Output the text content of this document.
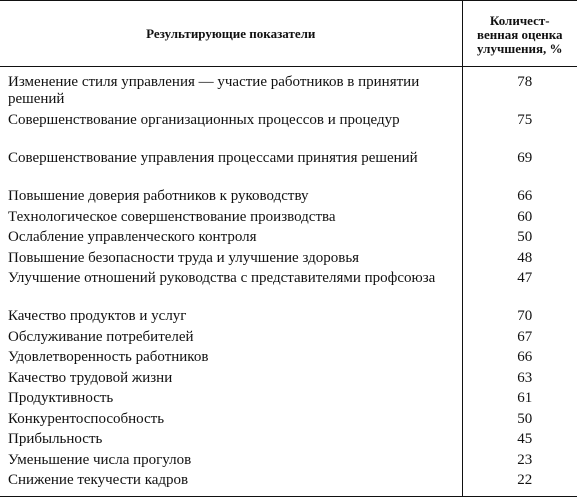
Результирующие показатели	Количест-
венная оценка
улучшения, %

Изменение стиля управления — участие работников в принятии решений	78
Совершенствование организационных процессов и процедур	75
Совершенствование управления процессами принятия решений	69
Повышение доверия работников к руководству	66
Технологическое совершенствование производства	60
Ослабление управленческого контроля	50
Повышение безопасности труда и улучшение здоровья	48
Улучшение отношений руководства с представителями профсоюза	47
Качество продуктов и услуг	70
Обслуживание потребителей	67
Удовлетворенность работников	66
Качество трудовой жизни	63
Продуктивность	61
Конкурентоспособность	50
Прибыльность	45
Уменьшение числа прогулов	23
Снижение текучести кадров	22
